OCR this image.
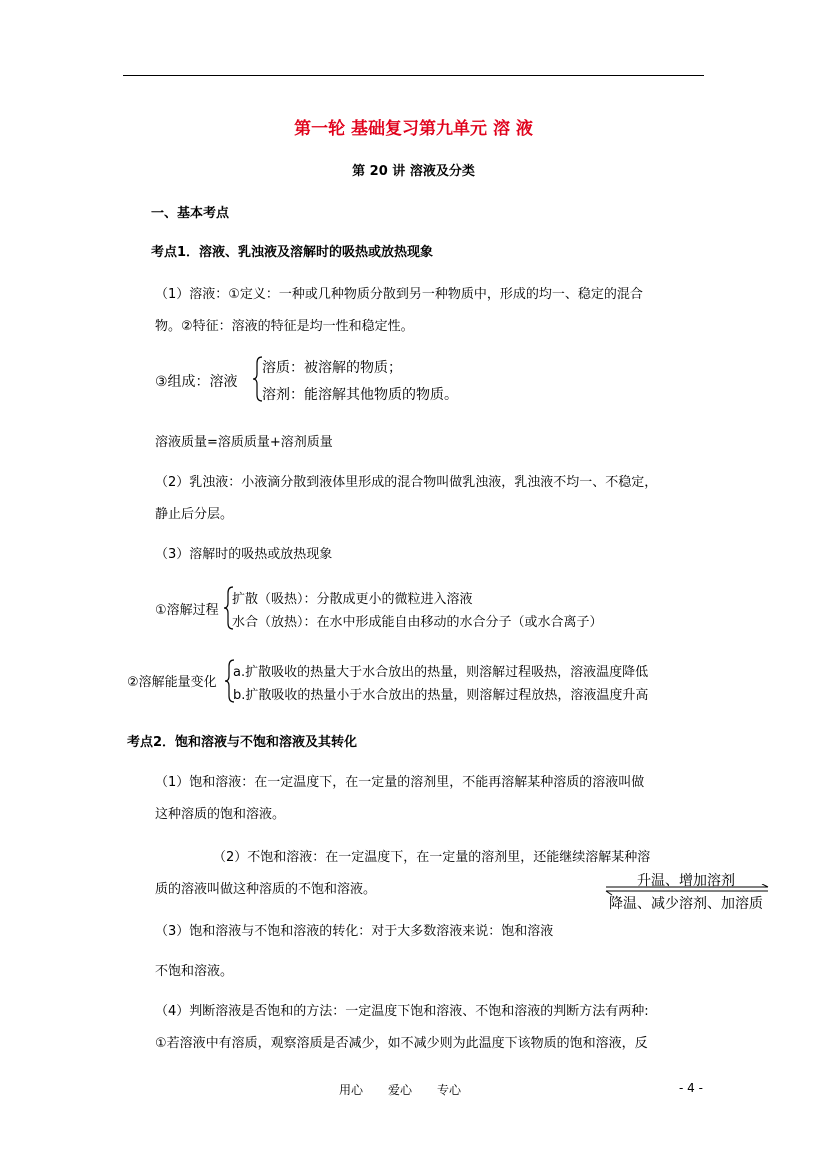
第一轮 基础复习第九单元 溶 液
第 20 讲 溶液及分类
一、基本考点
考点1．溶液、乳浊液及溶解时的吸热或放热现象
（1）溶液：①定义：一种或几种物质分散到另一种物质中，形成的均一、稳定的混合
物。②特征：溶液的特征是均一性和稳定性。
③组成：溶液
溶质：被溶解的物质；
溶剂：能溶解其他物质的物质。
溶液质量=溶质质量+溶剂质量
（2）乳浊液：小液滴分散到液体里形成的混合物叫做乳浊液，乳浊液不均一、不稳定，
静止后分层。
（3）溶解时的吸热或放热现象
①溶解过程
扩散（吸热）：分散成更小的微粒进入溶液
水合（放热）：在水中形成能自由移动的水合分子（或水合离子）
②溶解能量变化
a.扩散吸收的热量大于水合放出的热量，则溶解过程吸热，溶液温度降低
b.扩散吸收的热量小于水合放出的热量，则溶解过程放热，溶液温度升高
考点2．饱和溶液与不饱和溶液及其转化
（1）饱和溶液：在一定温度下，在一定量的溶剂里，不能再溶解某种溶质的溶液叫做
这种溶质的饱和溶液。
（2）不饱和溶液：在一定温度下，在一定量的溶剂里，还能继续溶解某种溶
质的溶液叫做这种溶质的不饱和溶液。
升温、增加溶剂
降温、减少溶剂、加溶质
（3）饱和溶液与不饱和溶液的转化：对于大多数溶液来说：饱和溶液
不饱和溶液。
（4）判断溶液是否饱和的方法：一定温度下饱和溶液、不饱和溶液的判断方法有两种:
①若溶液中有溶质，观察溶质是否减少，如不减少则为此温度下该物质的饱和溶液，反
用心 爱心 专心	- 4 -
